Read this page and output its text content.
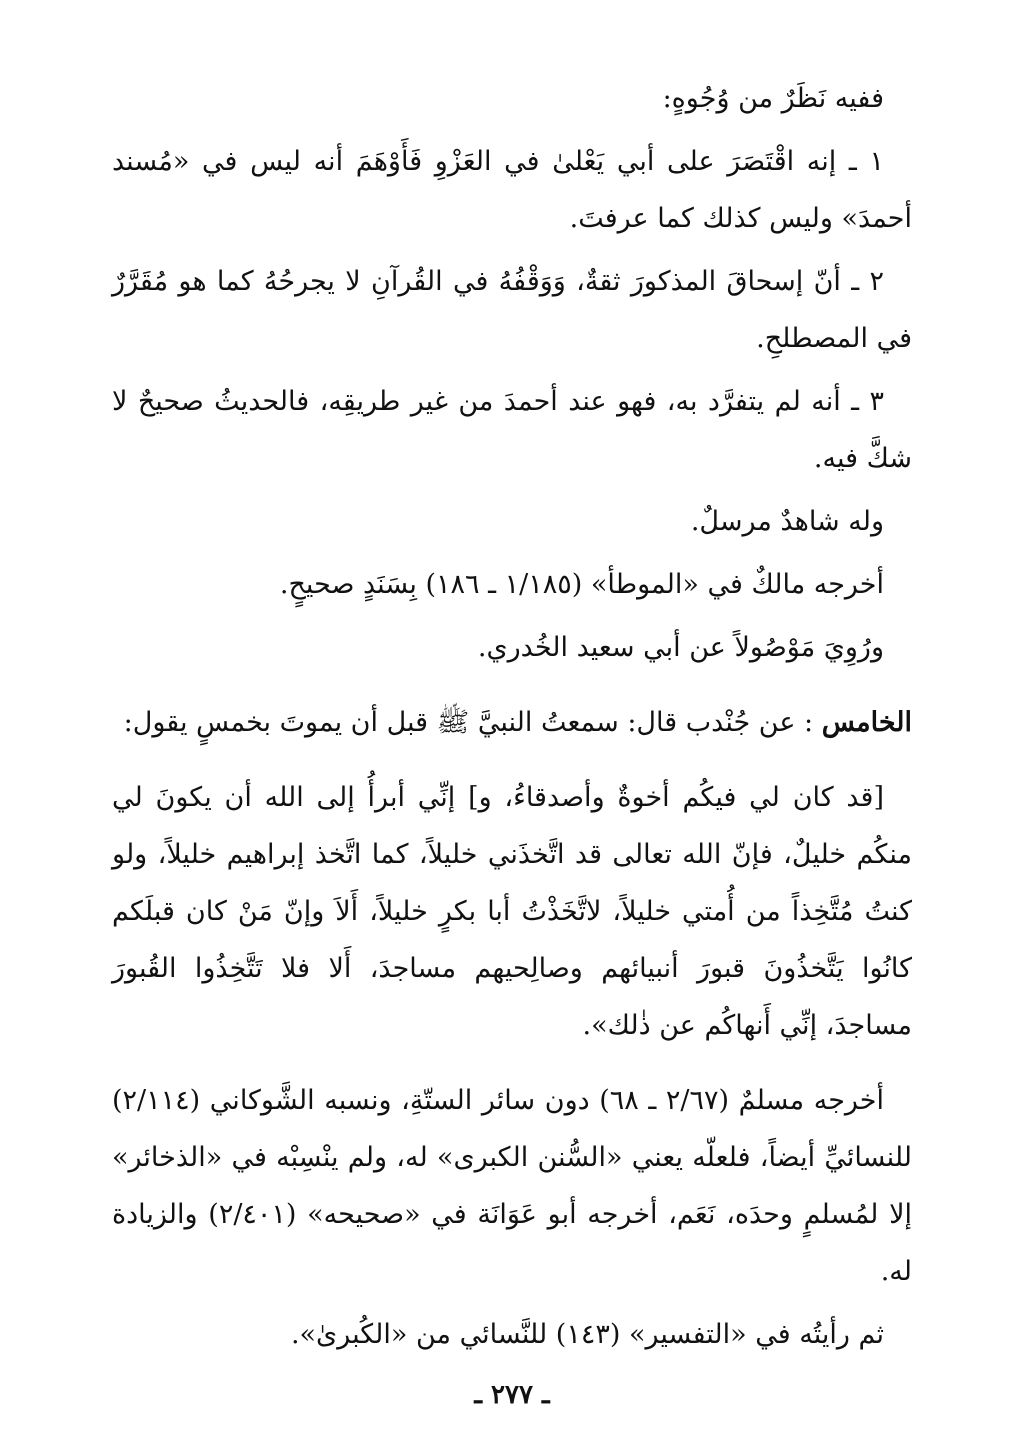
ففيه نَظَرٌ من وُجُوهٍ:

١ ـ إنه اقْتَصَرَ على أبي يَعْلىٰ في العَزْوِ فَأَوْهَمَ أنه ليس في «مُسند أحمدَ» وليس كذلك كما عرفتَ.

٢ ـ أنّ إسحاقَ المذكورَ ثقةٌ، وَوَقْفُهُ في القُرآنِ لا يجرحُهُ كما هو مُقَرَّرٌ في المصطلحِ.

٣ ـ أنه لم يتفرَّد به، فهو عند أحمدَ من غير طريقِه، فالحديثُ صحيحٌ لا شكَّ فيه.

وله شاهدٌ مرسلٌ.

أخرجه مالكٌ في «الموطأ» (١/١٨٥ ـ ١٨٦) بِسَنَدٍ صحيحٍ.

ورُوِيَ مَوْصُولاً عن أبي سعيد الخُدري.

الخامس : عن جُنْدب قال: سمعتُ النبيَّ ﷺ قبل أن يموتَ بخمسٍ يقول:

[قد كان لي فيكُم أخوةٌ وأصدقاءُ، و] إنِّي أبرأُ إلى الله أن يكونَ لي منكُم خليلٌ، فإنّ الله تعالى قد اتَّخذَني خليلاً، كما اتَّخذ إبراهيم خليلاً، ولو كنتُ مُتَّخِذاً من أُمتي خليلاً، لاتَّخَذْتُ أبا بكرٍ خليلاً، أَلاَ وإنّ مَنْ كان قبلَكم كانُوا يَتَّخذُونَ قبورَ أنبيائهم وصالِحيهم مساجدَ، أَلا فلا تَتَّخِذُوا القُبورَ مساجدَ، إنِّي أَنهاكُم عن ذٰلك».

أخرجه مسلمٌ (٢/٦٧ ـ ٦٨) دون سائر الستّةِ، ونسبه الشَّوكاني (٢/١١٤) للنسائيِّ أيضاً، فلعلّه يعني «السُّنن الكبرى» له، ولم ينْسِبْه في «الذخائر» إلا لمُسلمٍ وحدَه، نَعَم، أخرجه أبو عَوَانَة في «صحيحه» (٢/٤٠١) والزيادة له.

ثم رأيتُه في «التفسير» (١٤٣) للنَّسائي من «الكُبرىٰ».

ـ ٢٧٧ ـ
